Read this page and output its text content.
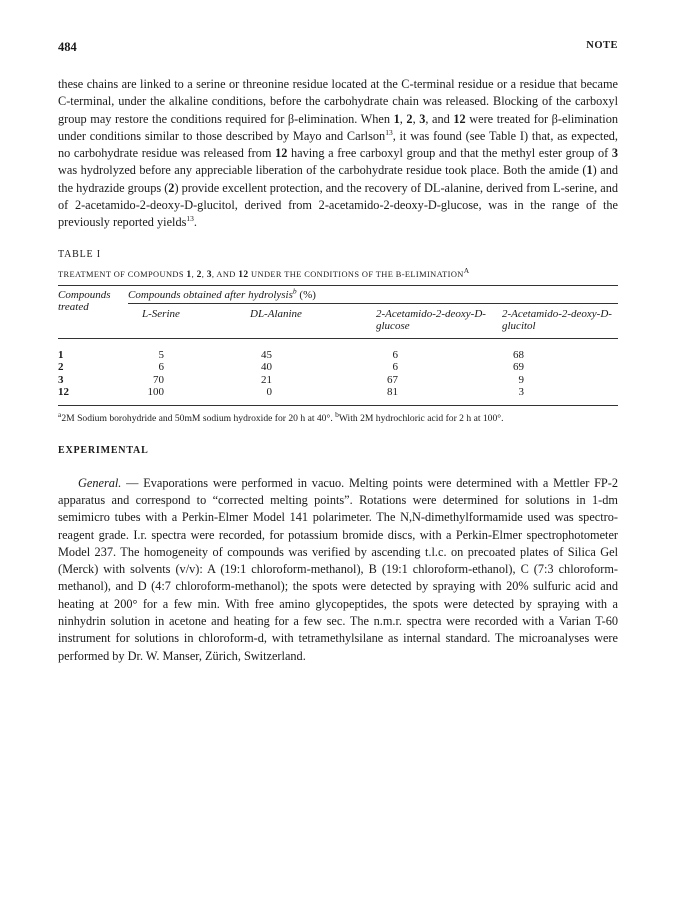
484	NOTE

these chains are linked to a serine or threonine residue located at the C-terminal residue or a residue that became C-terminal, under the alkaline conditions, before the carbohydrate chain was released. Blocking of the carboxyl group may restore the conditions required for β-elimination. When 1, 2, 3, and 12 were treated for β-elimination under conditions similar to those described by Mayo and Carlson$^{13}$, it was found (see Table I) that, as expected, no carbohydrate residue was released from 12 having a free carboxyl group and that the methyl ester group of 3 was hydrolyzed before any appreciable liberation of the carbohydrate residue took place. Both the amide (1) and the hydrazide groups (2) provide excellent protection, and the recovery of DL-alanine, derived from L-serine, and of 2-acetamido-2-deoxy-D-glucitol, derived from 2-acetamido-2-deoxy-D-glucose, was in the range of the previously reported yields$^{13}$.

TABLE I
TREATMENT OF COMPOUNDS 1, 2, 3, AND 12 UNDER THE CONDITIONS OF THE $B-ELIMINATION^A$
Compounds treated	Compounds obtained after hydrolysis$^b$ (%)			
	L-Serine	DL-Alanine	2-Acetamido-2-deoxy-D-glucose	2-Acetamido-2-deoxy-D-glucitol
1	5	45	6	68
2	6	40	6	69
3	70	21	67	9
12	100	0	81	3
$^a$2M Sodium borohydride and 50mM sodium hydroxide for 20 h at 40°. $^b$With 2M hydrochloric acid for 2 h at 100°.
EXPERIMENTAL

General. — Evaporations were performed in vacuo. Melting points were determined with a Mettler FP-2 apparatus and correspond to “corrected melting points”. Rotations were determined for solutions in 1-dm semimicro tubes with a Perkin-Elmer Model 141 polarimeter. The N,N-dimethylformamide used was spectro-reagent grade. I.r. spectra were recorded, for potassium bromide discs, with a Perkin-Elmer spectrophotometer Model 237. The homogeneity of compounds was verified by ascending t.l.c. on precoated plates of Silica Gel (Merck) with solvents (v/v): A (19:1 chloroform-methanol), B (19:1 chloroform-ethanol), C (7:3 chloroform-methanol), and D (4:7 chloroform-methanol); the spots were detected by spraying with 20% sulfuric acid and heating at 200° for a few min. With free amino glycopeptides, the spots were detected by spraying with a ninhydrin solution in acetone and heating for a few sec. The n.m.r. spectra were recorded with a Varian T-60 instrument for solutions in chloroform-d, with tetramethylsilane as internal standard. The microanalyses were performed by Dr. W. Manser, Zürich, Switzerland.
